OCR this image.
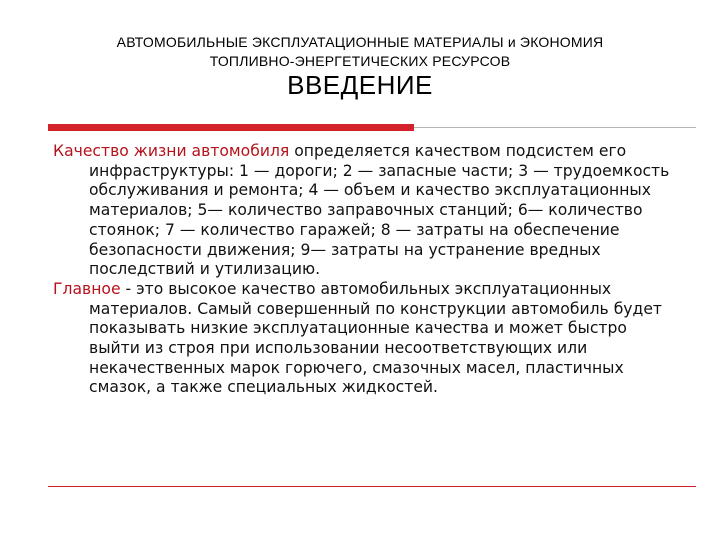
АВТОМОБИЛЬНЫЕ ЭКСПЛУАТАЦИОННЫЕ МАТЕРИАЛЫ и ЭКОНОМИЯ
ТОПЛИВНО-ЭНЕРГЕТИЧЕСКИХ РЕСУРСОВ
ВВЕДЕНИЕ

Качество жизни автомобиля определяется качеством подсистем его инфраструктуры: 1 — дороги; 2 — запасные части; 3 — трудоемкость обслуживания и ремонта; 4 — объем и качество эксплуатационных материалов; 5— количество заправочных станций; 6— количество стоянок; 7 — количество гаражей; 8 — затраты на обеспечение безопасности движения; 9— затраты на устранение вредных последствий и утилизацию.

Главное - это высокое качество автомобильных эксплуатационных материалов. Самый совершенный по конструкции автомобиль будет показывать низкие эксплуатационные качества и может быстро выйти из строя при использовании несоответствующих или некачественных марок горючего, смазочных масел, пластичных смазок, а также специальных жидкостей.
